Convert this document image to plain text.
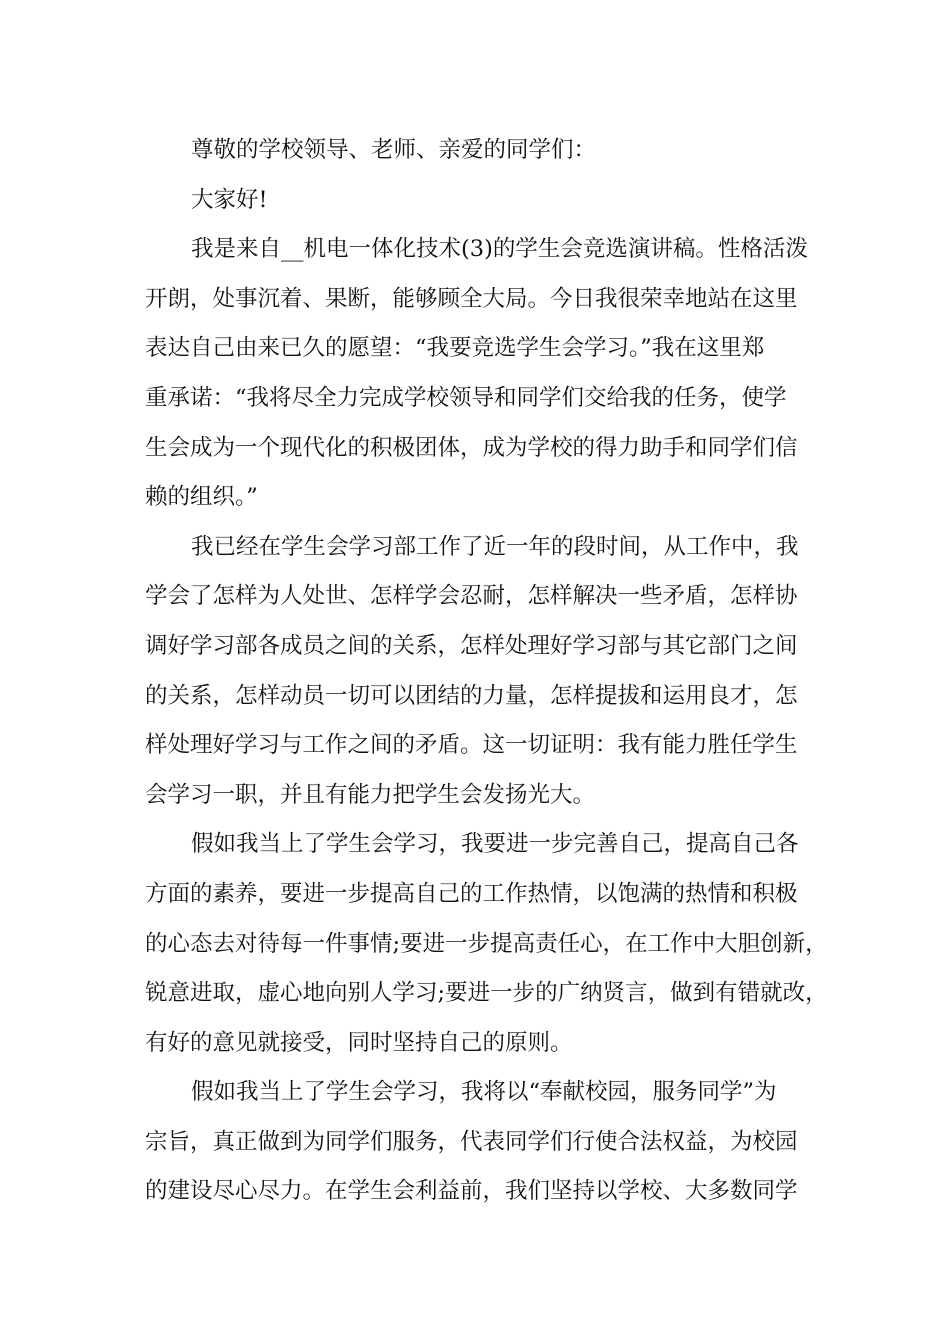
尊敬的学校领导、老师、亲爱的同学们：
大家好!
我是来自__机电一体化技术(3)的学生会竞选演讲稿。性格活泼
开朗，处事沉着、果断，能够顾全大局。今日我很荣幸地站在这里
表达自己由来已久的愿望：“我要竞选学生会学习。”我在这里郑
重承诺：“我将尽全力完成学校领导和同学们交给我的任务，使学
生会成为一个现代化的积极团体，成为学校的得力助手和同学们信
赖的组织。”
我已经在学生会学习部工作了近一年的段时间，从工作中，我
学会了怎样为人处世、怎样学会忍耐，怎样解决一些矛盾，怎样协
调好学习部各成员之间的关系，怎样处理好学习部与其它部门之间
的关系，怎样动员一切可以团结的力量，怎样提拔和运用良才，怎
样处理好学习与工作之间的矛盾。这一切证明：我有能力胜任学生
会学习一职，并且有能力把学生会发扬光大。
假如我当上了学生会学习，我要进一步完善自己，提高自己各
方面的素养，要进一步提高自己的工作热情，以饱满的热情和积极
的心态去对待每一件事情;要进一步提高责任心，在工作中大胆创新，
锐意进取，虚心地向别人学习;要进一步的广纳贤言，做到有错就改，
有好的意见就接受，同时坚持自己的原则。
假如我当上了学生会学习，我将以“奉献校园，服务同学”为
宗旨，真正做到为同学们服务，代表同学们行使合法权益，为校园
的建设尽心尽力。在学生会利益前，我们坚持以学校、大多数同学
